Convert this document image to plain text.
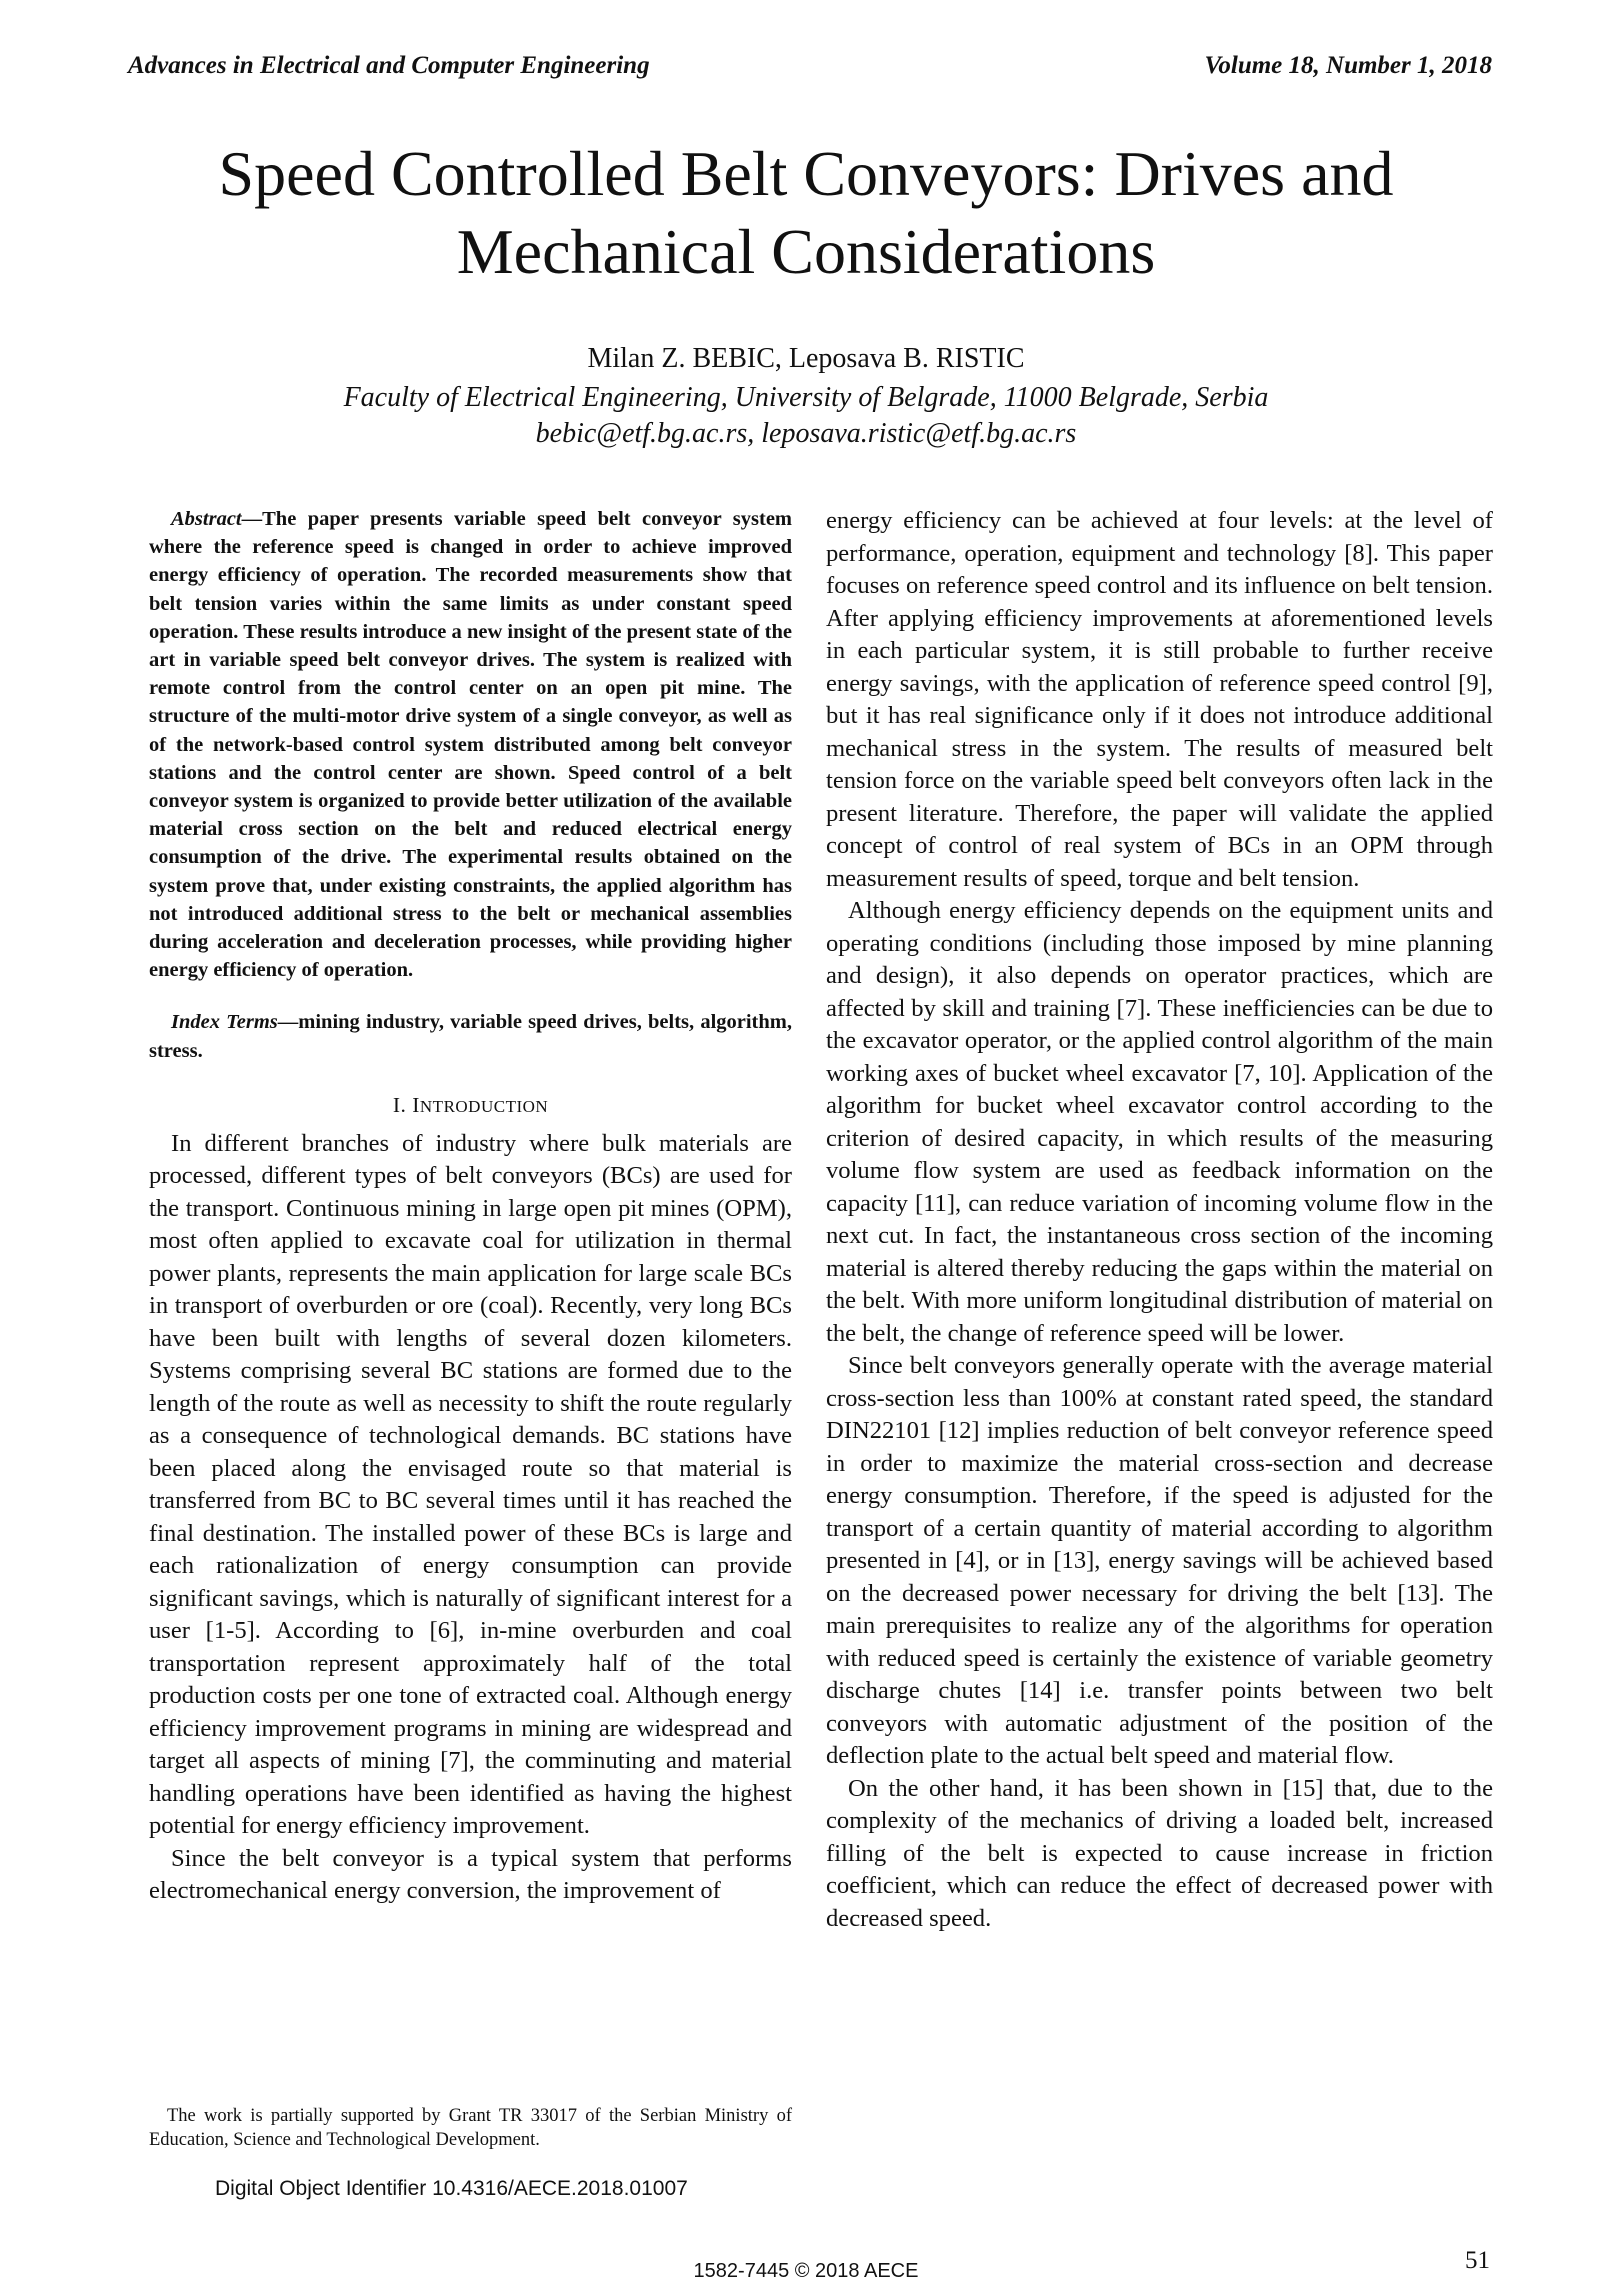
Advances in Electrical and Computer Engineering	Volume 18, Number 1, 2018
Speed Controlled Belt Conveyors: Drives and
Mechanical Considerations
Milan Z. BEBIC, Leposava B. RISTIC
Faculty of Electrical Engineering, University of Belgrade, 11000 Belgrade, Serbia
bebic@etf.bg.ac.rs, leposava.ristic@etf.bg.ac.rs

Abstract—The paper presents variable speed belt conveyor system where the reference speed is changed in order to achieve improved energy efficiency of operation. The recorded measurements show that belt tension varies within the same limits as under constant speed operation. These results introduce a new insight of the present state of the art in variable speed belt conveyor drives. The system is realized with remote control from the control center on an open pit mine. The structure of the multi-motor drive system of a single conveyor, as well as of the network-based control system distributed among belt conveyor stations and the control center are shown. Speed control of a belt conveyor system is organized to provide better utilization of the available material cross section on the belt and reduced electrical energy consumption of the drive. The experimental results obtained on the system prove that, under existing constraints, the applied algorithm has not introduced additional stress to the belt or mechanical assemblies during acceleration and deceleration processes, while providing higher energy efficiency of operation.

Index Terms—mining industry, variable speed drives, belts, algorithm, stress.

I. INTRODUCTION

In different branches of industry where bulk materials are processed, different types of belt conveyors (BCs) are used for the transport. Continuous mining in large open pit mines (OPM), most often applied to excavate coal for utilization in thermal power plants, represents the main application for large scale BCs in transport of overburden or ore (coal). Recently, very long BCs have been built with lengths of several dozen kilometers. Systems comprising several BC stations are formed due to the length of the route as well as necessity to shift the route regularly as a consequence of technological demands. BC stations have been placed along the envisaged route so that material is transferred from BC to BC several times until it has reached the final destination. The installed power of these BCs is large and each rationalization of energy consumption can provide significant savings, which is naturally of significant interest for a user [1-5]. According to [6], in-mine overburden and coal transportation represent approximately half of the total production costs per one tone of extracted coal. Although energy efficiency improvement programs in mining are widespread and target all aspects of mining [7], the comminuting and material handling operations have been identified as having the highest potential for energy efficiency improvement.

Since the belt conveyor is a typical system that performs electromechanical energy conversion, the improvement of

energy efficiency can be achieved at four levels: at the level of performance, operation, equipment and technology [8]. This paper focuses on reference speed control and its influence on belt tension. After applying efficiency improvements at aforementioned levels in each particular system, it is still probable to further receive energy savings, with the application of reference speed control [9], but it has real significance only if it does not introduce additional mechanical stress in the system. The results of measured belt tension force on the variable speed belt conveyors often lack in the present literature. Therefore, the paper will validate the applied concept of control of real system of BCs in an OPM through measurement results of speed, torque and belt tension.

Although energy efficiency depends on the equipment units and operating conditions (including those imposed by mine planning and design), it also depends on operator practices, which are affected by skill and training [7]. These inefficiencies can be due to the excavator operator, or the applied control algorithm of the main working axes of bucket wheel excavator [7, 10]. Application of the algorithm for bucket wheel excavator control according to the criterion of desired capacity, in which results of the measuring volume flow system are used as feedback information on the capacity [11], can reduce variation of incoming volume flow in the next cut. In fact, the instantaneous cross section of the incoming material is altered thereby reducing the gaps within the material on the belt. With more uniform longitudinal distribution of material on the belt, the change of reference speed will be lower.

Since belt conveyors generally operate with the average material cross-section less than 100% at constant rated speed, the standard DIN22101 [12] implies reduction of belt conveyor reference speed in order to maximize the material cross-section and decrease energy consumption. Therefore, if the speed is adjusted for the transport of a certain quantity of material according to algorithm presented in [4], or in [13], energy savings will be achieved based on the decreased power necessary for driving the belt [13]. The main prerequisites to realize any of the algorithms for operation with reduced speed is certainly the existence of variable geometry discharge chutes [14] i.e. transfer points between two belt conveyors with automatic adjustment of the position of the deflection plate to the actual belt speed and material flow.

On the other hand, it has been shown in [15] that, due to the complexity of the mechanics of driving a loaded belt, increased filling of the belt is expected to cause increase in friction coefficient, which can reduce the effect of decreased power with decreased speed.

The work is partially supported by Grant TR 33017 of the Serbian Ministry of Education, Science and Technological Development.
Digital Object Identifier 10.4316/AECE.2018.01007
51
1582-7445 © 2018 AECE
